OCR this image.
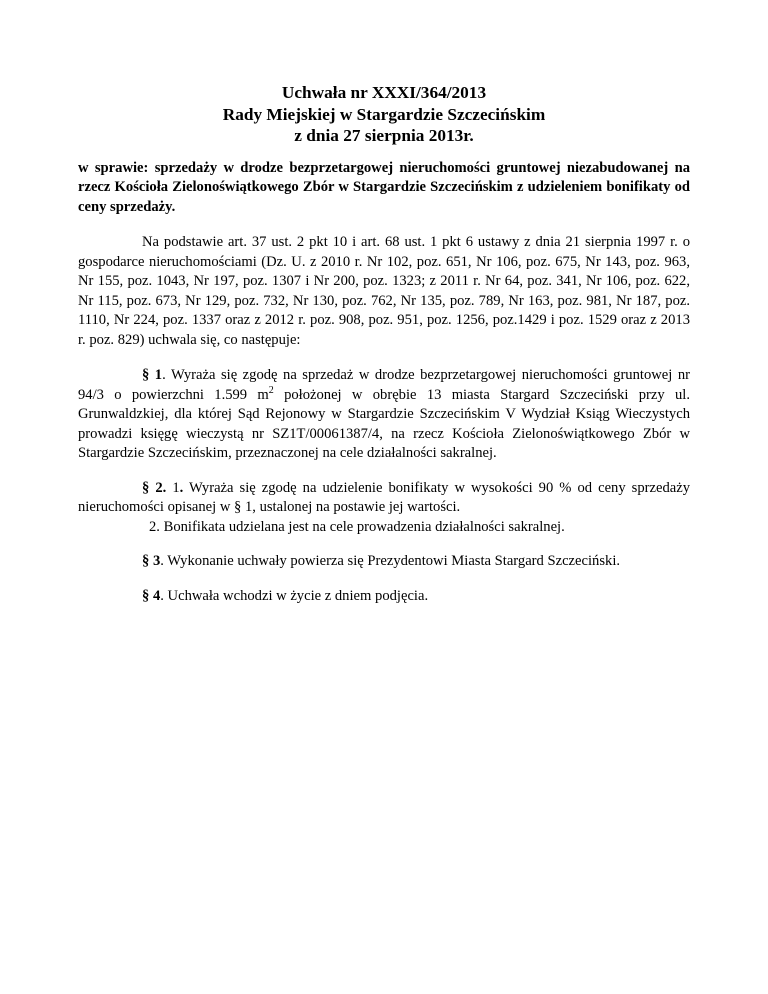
Uchwała nr XXXI/364/2013
Rady Miejskiej w Stargardzie Szczecińskim
z dnia 27 sierpnia 2013r.

w sprawie: sprzedaży w drodze bezprzetargowej nieruchomości gruntowej niezabudowanej na rzecz Kościoła Zielonoświątkowego Zbór w Stargardzie Szczecińskim z udzieleniem bonifikaty od ceny sprzedaży.

Na podstawie art. 37 ust. 2 pkt 10 i art. 68 ust. 1 pkt 6 ustawy z dnia 21 sierpnia 1997 r. o gospodarce nieruchomościami (Dz. U. z 2010 r. Nr 102, poz. 651, Nr 106, poz. 675, Nr 143, poz. 963, Nr 155, poz. 1043, Nr 197, poz. 1307 i Nr 200, poz. 1323; z 2011 r. Nr 64, poz. 341, Nr 106, poz. 622, Nr 115, poz. 673, Nr 129, poz. 732, Nr 130, poz. 762, Nr 135, poz. 789, Nr 163, poz. 981, Nr 187, poz. 1110, Nr 224, poz. 1337 oraz z 2012 r. poz. 908, poz. 951, poz. 1256, poz.1429 i poz. 1529 oraz z 2013 r. poz. 829) uchwala się, co następuje:

§ 1. Wyraża się zgodę na sprzedaż w drodze bezprzetargowej nieruchomości gruntowej nr 94/3 o powierzchni 1.599 $m^2$ położonej w obrębie 13 miasta Stargard Szczeciński przy ul. Grunwaldzkiej, dla której Sąd Rejonowy w Stargardzie Szczecińskim V Wydział Ksiąg Wieczystych prowadzi księgę wieczystą nr SZ1T/00061387/4, na rzecz Kościoła Zielonoświątkowego Zbór w Stargardzie Szczecińskim, przeznaczonej na cele działalności sakralnej.

§ 2. 1. Wyraża się zgodę na udzielenie bonifikaty w wysokości 90 % od ceny sprzedaży nieruchomości opisanej w § 1, ustalonej na postawie jej wartości.

2. Bonifikata udzielana jest na cele prowadzenia działalności sakralnej.

§ 3. Wykonanie uchwały powierza się Prezydentowi Miasta Stargard Szczeciński.

§ 4. Uchwała wchodzi w życie z dniem podjęcia.
